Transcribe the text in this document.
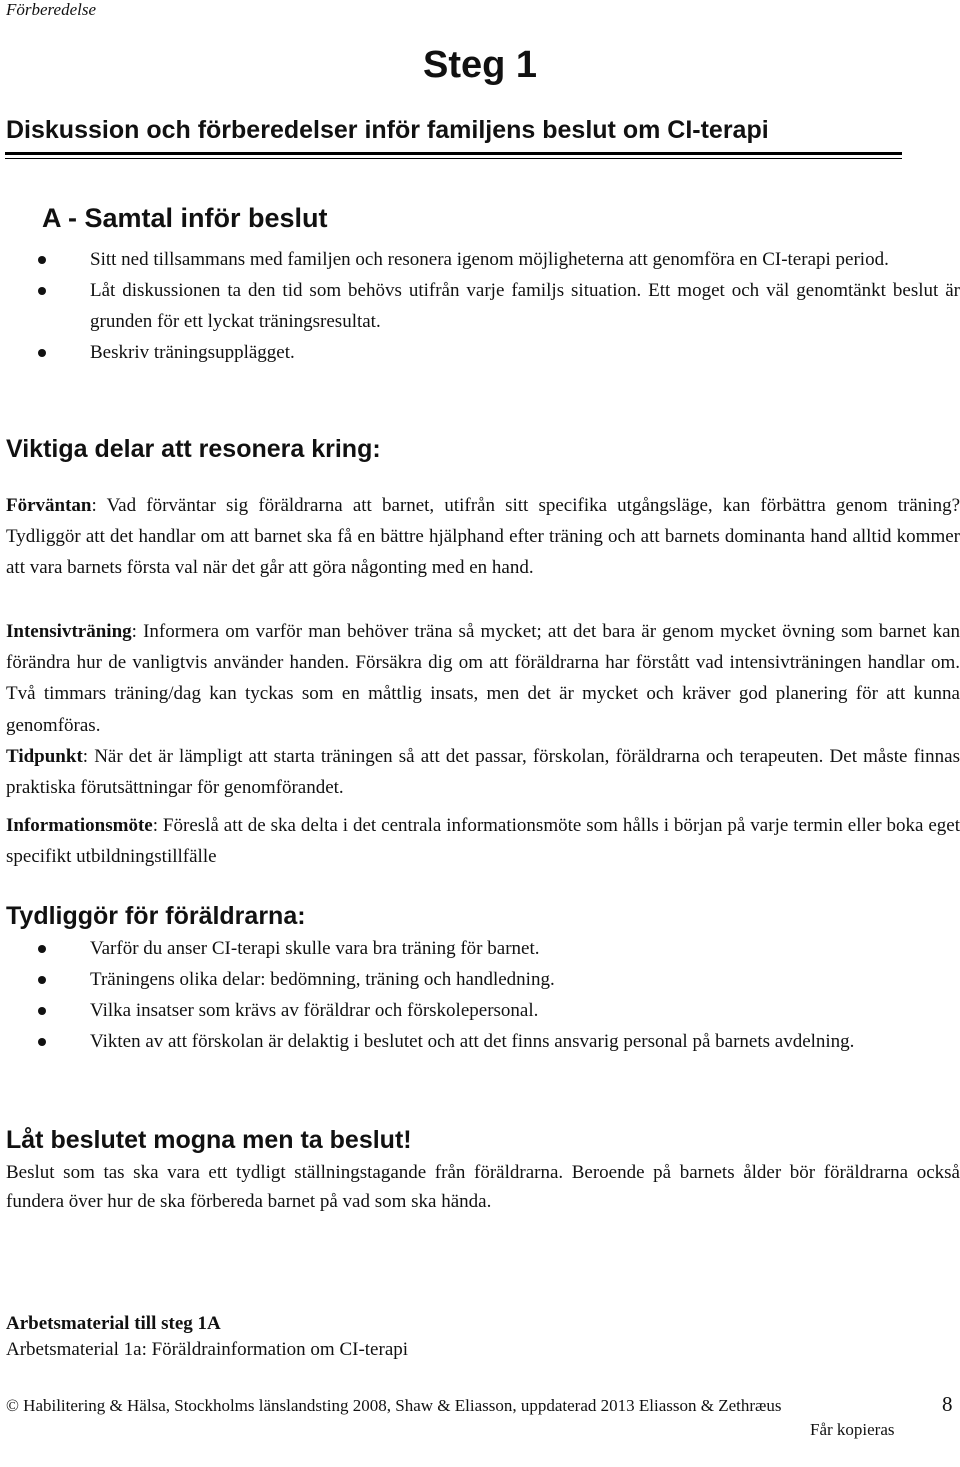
Förberedelse
Steg 1
Diskussion och förberedelser inför familjens beslut om CI-terapi
A - Samtal inför beslut
Sitt ned tillsammans med familjen och resonera igenom möjligheterna att genomföra en CI-terapi period.
Låt diskussionen ta den tid som behövs utifrån varje familjs situation. Ett moget och väl genomtänkt beslut är grunden för ett lyckat träningsresultat.
Beskriv träningsupplägget.
Viktiga delar att resonera kring:

Förväntan: Vad förväntar sig föräldrarna att barnet, utifrån sitt specifika utgångsläge, kan förbättra genom träning? Tydliggör att det handlar om att barnet ska få en bättre hjälphand efter träning och att barnets dominanta hand alltid kommer att vara barnets första val när det går att göra någonting med en hand.

Intensivträning: Informera om varför man behöver träna så mycket; att det bara är genom mycket övning som barnet kan förändra hur de vanligtvis använder handen. Försäkra dig om att föräldrarna har förstått vad intensivträningen handlar om. Två timmars träning/dag kan tyckas som en måttlig insats, men det är mycket och kräver god planering för att kunna genomföras.

Tidpunkt: När det är lämpligt att starta träningen så att det passar, förskolan, föräldrarna och terapeuten. Det måste finnas praktiska förutsättningar för genomförandet.

Informationsmöte: Föreslå att de ska delta i det centrala informationsmöte som hålls i början på varje termin eller boka eget specifikt utbildningstillfälle

Tydliggör för föräldrarna:
Varför du anser CI-terapi skulle vara bra träning för barnet.
Träningens olika delar: bedömning, träning och handledning.
Vilka insatser som krävs av föräldrar och förskolepersonal.
Vikten av att förskolan är delaktig i beslutet och att det finns ansvarig personal på barnets avdelning.
Låt beslutet mogna men ta beslut!

Beslut som tas ska vara ett tydligt ställningstagande från föräldrarna. Beroende på barnets ålder bör föräldrarna också fundera över hur de ska förbereda barnet på vad som ska hända.

Arbetsmaterial till steg 1A
Arbetsmaterial 1a: Föräldrainformation om CI-terapi
© Habilitering & Hälsa, Stockholms länslandsting 2008, Shaw & Eliasson, uppdaterad 2013 Eliasson & Zethræus
Får kopieras
8
